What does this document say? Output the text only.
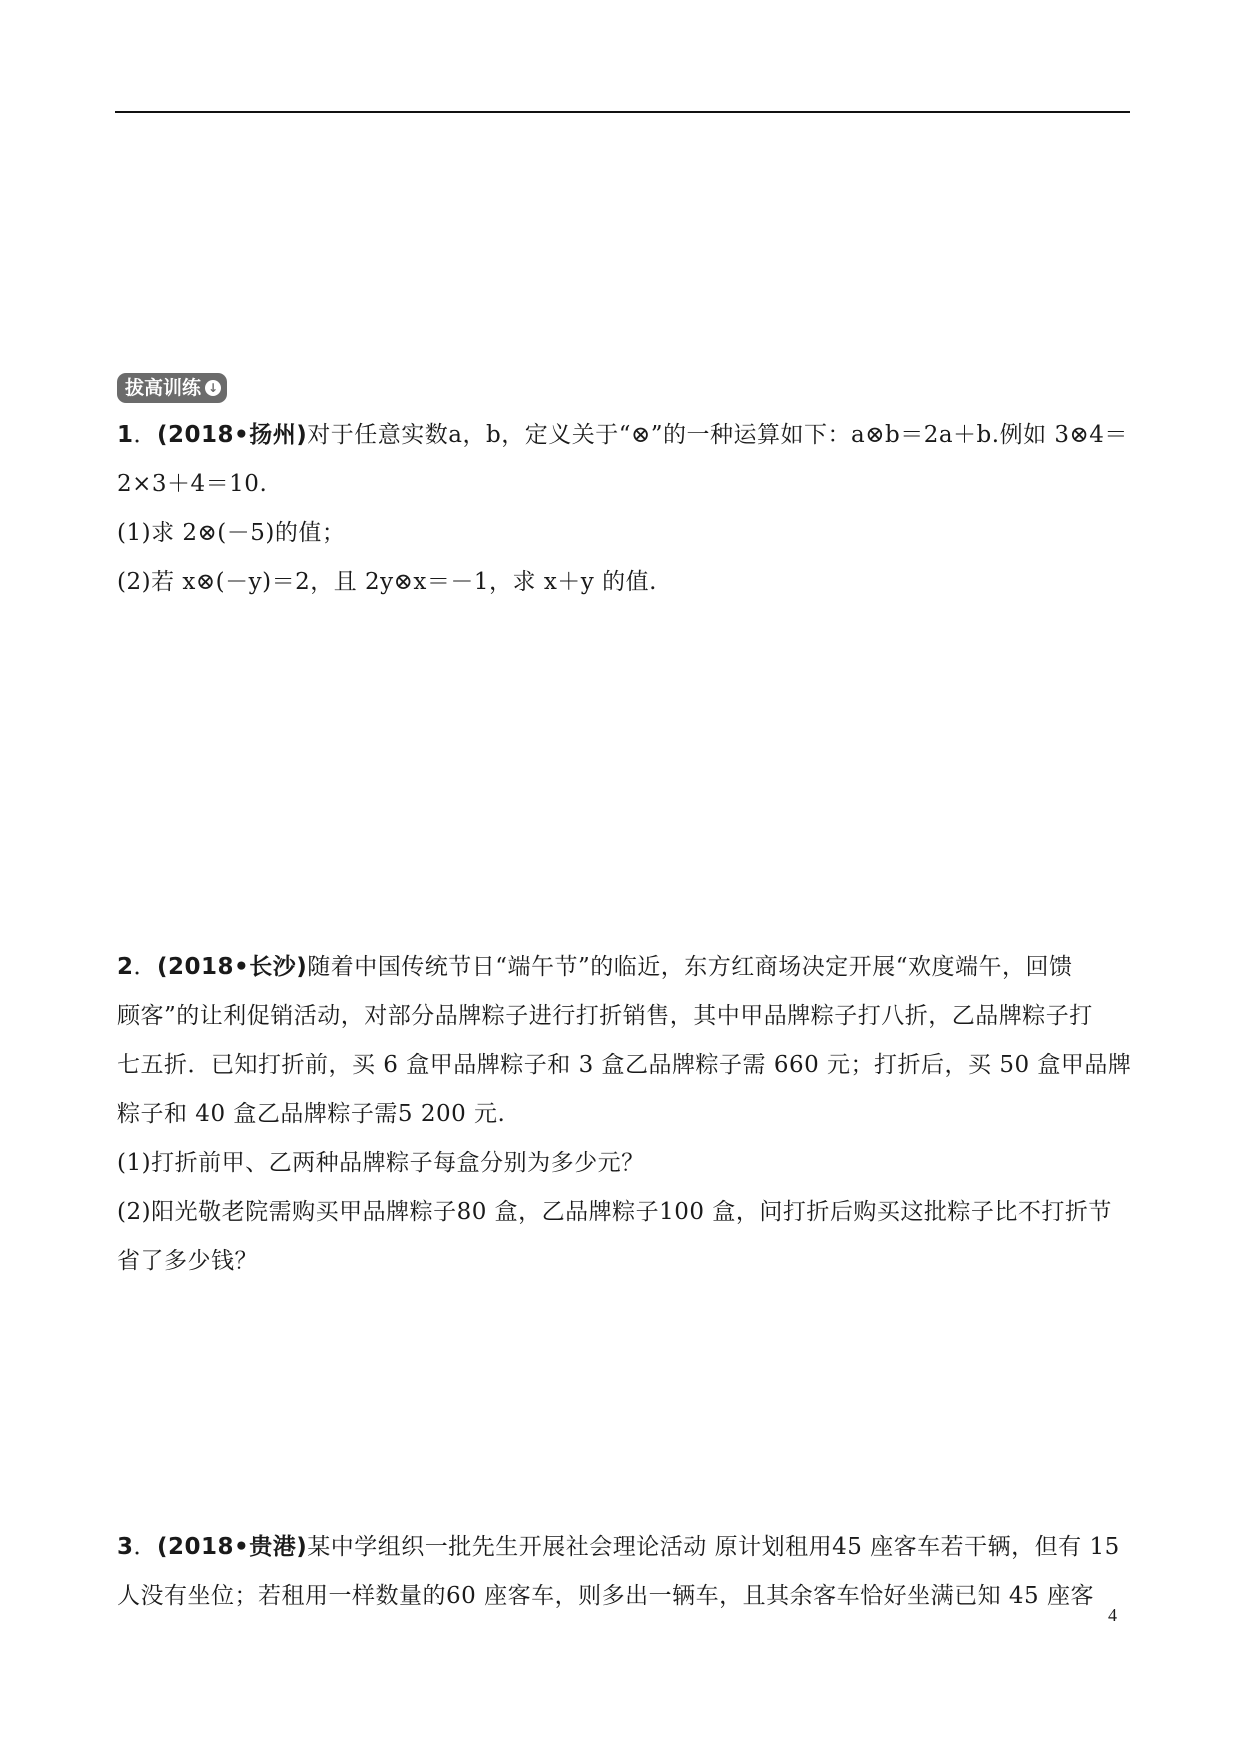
拔高训练 ↓
1．(2018•扬州)对于任意实数a，b，定义关于“⊗”的一种运算如下：a⊗b＝2a＋b.例如 3⊗4＝
2×3＋4＝10.
(1)求 2⊗(－5)的值；
(2)若 x⊗(－y)＝2，且 2y⊗x＝－1，求 x＋y 的值.
2．(2018•长沙)随着中国传统节日“端午节”的临近，东方红商场决定开展“欢度端午，回馈
顾客”的让利促销活动，对部分品牌粽子进行打折销售，其中甲品牌粽子打八折，乙品牌粽子打
七五折．已知打折前，买 6 盒甲品牌粽子和 3 盒乙品牌粽子需 660 元；打折后，买 50 盒甲品牌
粽子和 40 盒乙品牌粽子需5 200 元.
(1)打折前甲、乙两种品牌粽子每盒分别为多少元？
(2)阳光敬老院需购买甲品牌粽子80 盒，乙品牌粽子100 盒，问打折后购买这批粽子比不打折节
省了多少钱？
3．(2018•贵港)某中学组织一批先生开展社会理论活动 原计划租用45 座客车若干辆，但有 15
人没有坐位；若租用一样数量的60 座客车，则多出一辆车，且其余客车恰好坐满已知 45 座客
4
